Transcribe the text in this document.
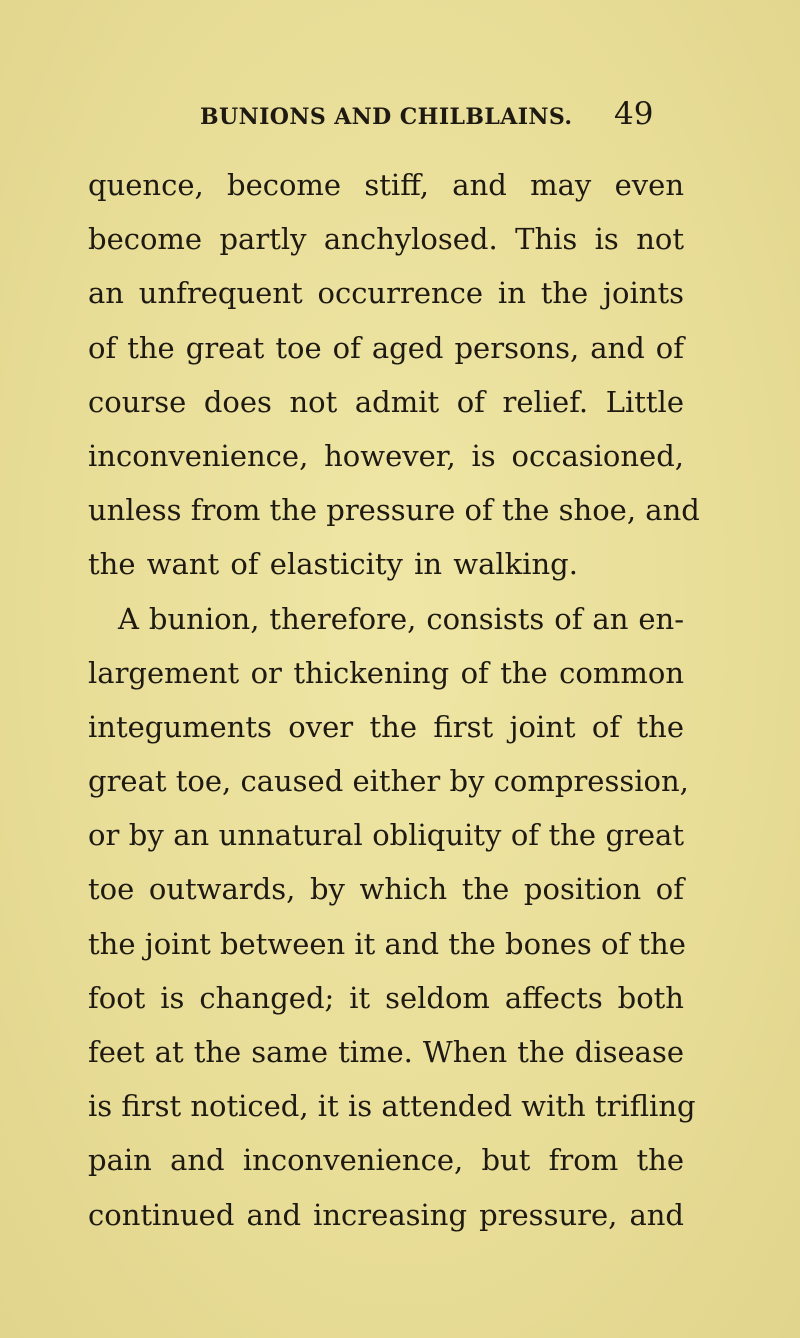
BUNIONS AND CHILBLAINS. 49
quence, become stiff, and may even
become partly anchylosed. This is not
an unfrequent occurrence in the joints
of the great toe of aged persons, and of
course does not admit of relief. Little
inconvenience, however, is occasioned,
unless from the pressure of the shoe, and
the want of elasticity in walking.
A bunion, therefore, consists of an en-
largement or thickening of the common
integuments over the first joint of the
great toe, caused either by compression,
or by an unnatural obliquity of the great
toe outwards, by which the position of
the joint between it and the bones of the
foot is changed; it seldom affects both
feet at the same time. When the disease
is first noticed, it is attended with trifling
pain and inconvenience, but from the
continued and increasing pressure, and
